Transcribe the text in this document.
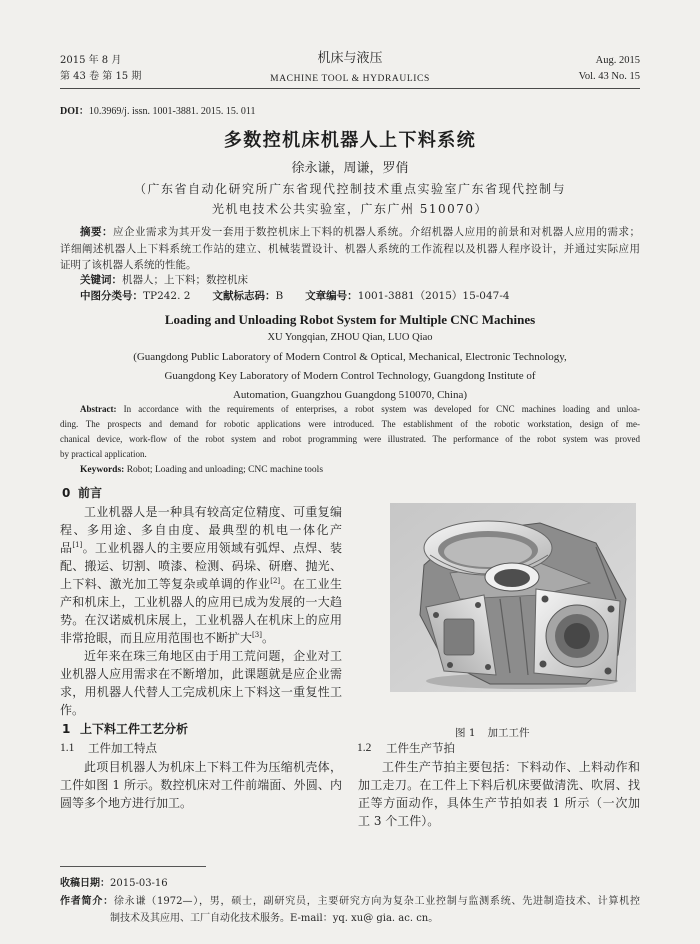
2015 年 8 月
第 43 卷 第 15 期
机床与液压
MACHINE TOOL & HYDRAULICS
Aug. 2015
Vol. 43 No. 15
DOI：10.3969/j. issn. 1001-3881. 2015. 15. 011
多数控机床机器人上下料系统
徐永谦，周谦，罗俏
（广东省自动化研究所广东省现代控制技术重点实验室广东省现代控制与
光机电技术公共实验室，广东广州 510070）
摘要：应企业需求为其开发一套用于数控机床上下料的机器人系统。介绍机器人应用的前景和对机器人应用的需求；
详细阐述机器人上下料系统工作站的建立、机械装置设计、机器人系统的工作流程以及机器人程序设计，并通过实际应用
证明了该机器人系统的性能。
关键词：机器人；上下料；数控机床
中图分类号：TP242. 2 文献标志码：B 文章编号：1001-3881（2015）15-047-4
Loading and Unloading Robot System for Multiple CNC Machines
XU Yongqian, ZHOU Qian, LUO Qiao
(Guangdong Public Laboratory of Modern Control & Optical, Mechanical, Electronic Technology,
Guangdong Key Laboratory of Modern Control Technology, Guangdong Institute of
Automation, Guangzhou Guangdong 510070, China)
Abstract: In accordance with the requirements of enterprises, a robot system was developed for CNC machines loading and unloa-
ding. The prospects and demand for robotic applications were introduced. The establishment of the robotic workstation, design of me-
chanical device, work-flow of the robot system and robot programming were illustrated. The performance of the robot system was proved
by practical application.
Keywords: Robot; Loading and unloading; CNC machine tools
0 前言
工业机器人是一种具有较高定位精度、可重复编
程、多用途、多自由度、最典型的机电一体化产
品[1]。工业机器人的主要应用领域有弧焊、点焊、装
配、搬运、切割、喷漆、检测、码垛、研磨、抛光、
上下料、激光加工等复杂或单调的作业[2]。在工业生
产和机床上，工业机器人的应用已成为发展的一大趋
势。在汉诺威机床展上，工业机器人在机床上的应用
非常抢眼，而且应用范围也不断扩大[3]。
近年来在珠三角地区由于用工荒问题，企业对工
业机器人应用需求在不断增加，此课题就是应企业需
求，用机器人代替人工完成机床上下料这一重复性工
作。
1 上下料工件工艺分析
1.1 工件加工特点
此项目机器人为机床上下料工件为压缩机壳体，
工件如图 1 所示。数控机床对工件前端面、外圆、内
圆等多个地方进行加工。
图 1 加工工件
1.2 工件生产节拍
工件生产节拍主要包括：下料动作、上料动作和
加工走刀。在工件上下料后机床要做清洗、吹屑、找
正等方面动作，具体生产节拍如表 1 所示（一次加
工 3 个工件）。
收稿日期：2015-03-16
作者简介：徐永谦（1972—），男，硕士，副研究员，主要研究方向为复杂工业控制与监测系统、先进制造技术、计算机控
制技术及其应用、工厂自动化技术服务。E-mail：yq. xu@ gia. ac. cn。
